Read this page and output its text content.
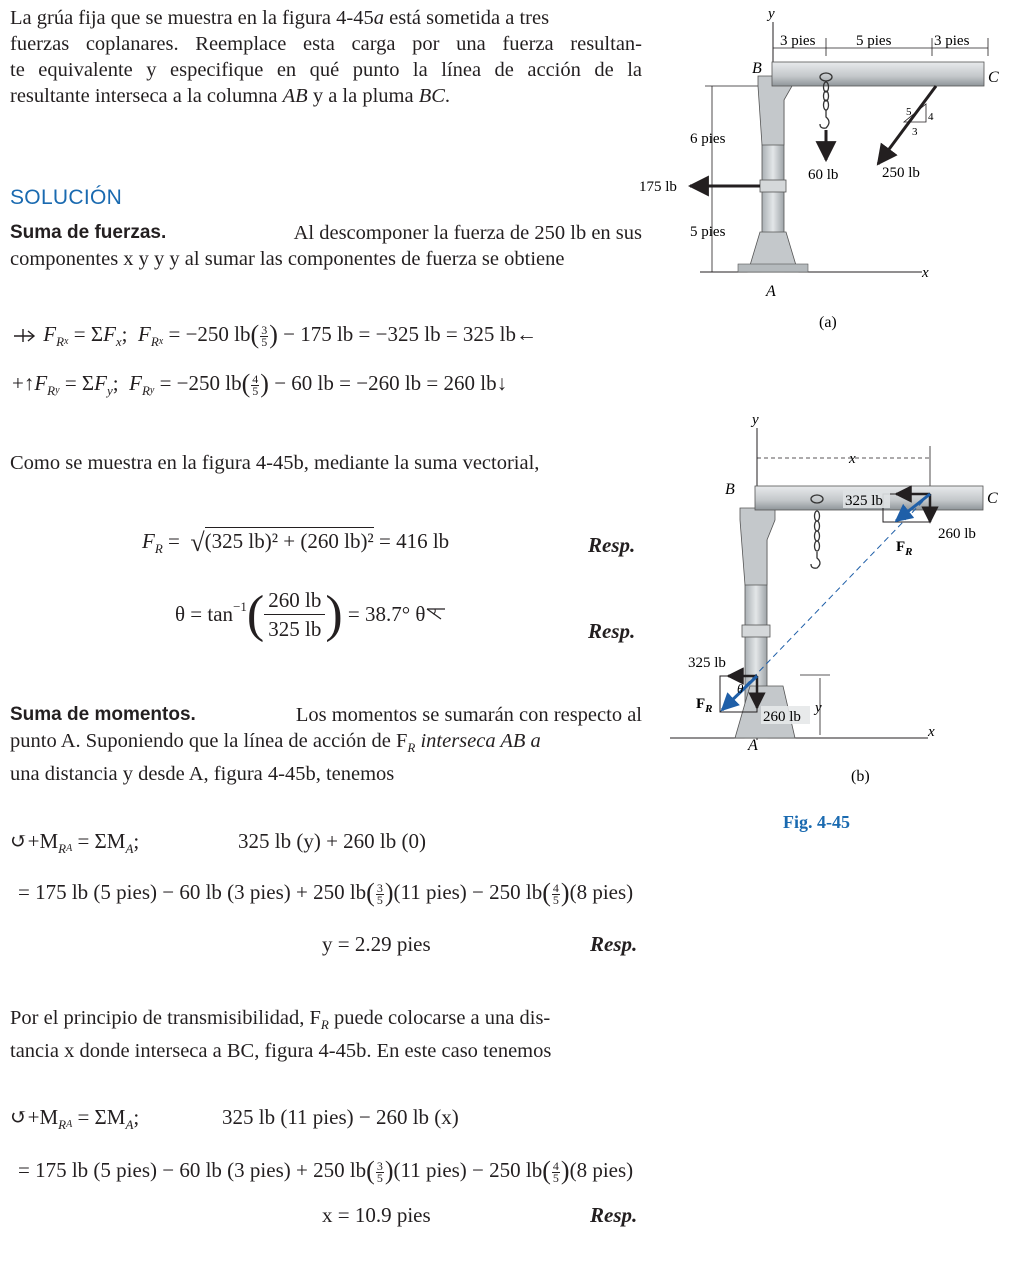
La grúa fija que se muestra en la figura 4-45a está sometida a tres
fuerzas coplanares. Reemplace esta carga por una fuerza resultan-
te equivalente y especifique en qué punto la línea de acción de la
resultante interseca a la columna AB y a la pluma BC.
SOLUCIÓN
Suma de fuerzas.	Al descomponer la fuerza de 250 lb en sus
componentes x y y y al sumar las componentes de fuerza se obtiene
$F_Rx = \Sigma F_x$;  $F_Rx = -250$ $lb( \frac{3}{5}$ ) − 175 lb = −325 lb = 325 lb←
$+↑F_Ry = \Sigma F_y$;  $F_Ry = -250$ $lb( \frac{4}{5}$ ) − 60 lb = −260 lb = 260 lb↓
Como se muestra en la figura 4-45b, mediante la suma vectorial,
$F_R = √(325$ lb)² + (260 lb)² = 416 lb	Resp.
$\theta = \tan^{-1}$ ( 260 lb
325 lb ) = 38.7° θ
Resp.
Suma de momentos.	Los momentos se sumarán con respecto al
punto A. Suponiendo que la línea de acción de $F_R$ interseca AB a
una distancia y desde A, figura 4-45b, tenemos
$↺+M_RA = \Sigma M_A$;	325 lb (y) + 260 lb (0)
= 175 lb (5 pies) − 60 lb (3 pies) + 250 $lb( \frac{3}{5} )(11$ pies) − 250 $lb( \frac{4}{5} )(8$ pies)
y = 2.29 pies	Resp.
Por el principio de transmisibilidad, $F_R$ puede colocarse a una dis-
tancia x donde interseca a BC, figura 4-45b. En este caso tenemos
$↺+M_RA = \Sigma M_A$;	325 lb (11 pies) − 260 lb (x)
= 175 lb (5 pies) − 60 lb (3 pies) + 250 $lb( \frac{3}{5} )(11$ pies) − 250 $lb( \frac{4}{5} )(8$ pies)
x = 10.9 pies	Resp.
y
x
3 pies	5 pies	3 pies
6 pies
5 pies
60 lb	250 lb
5 4
3
175 lb
B
C
A
(a)
y
x
x
325 lb
260 lb
$F_R$
325 lb
θ
$F_R$	260 lb
y
B
C
A
(b)
Fig. 4-45
